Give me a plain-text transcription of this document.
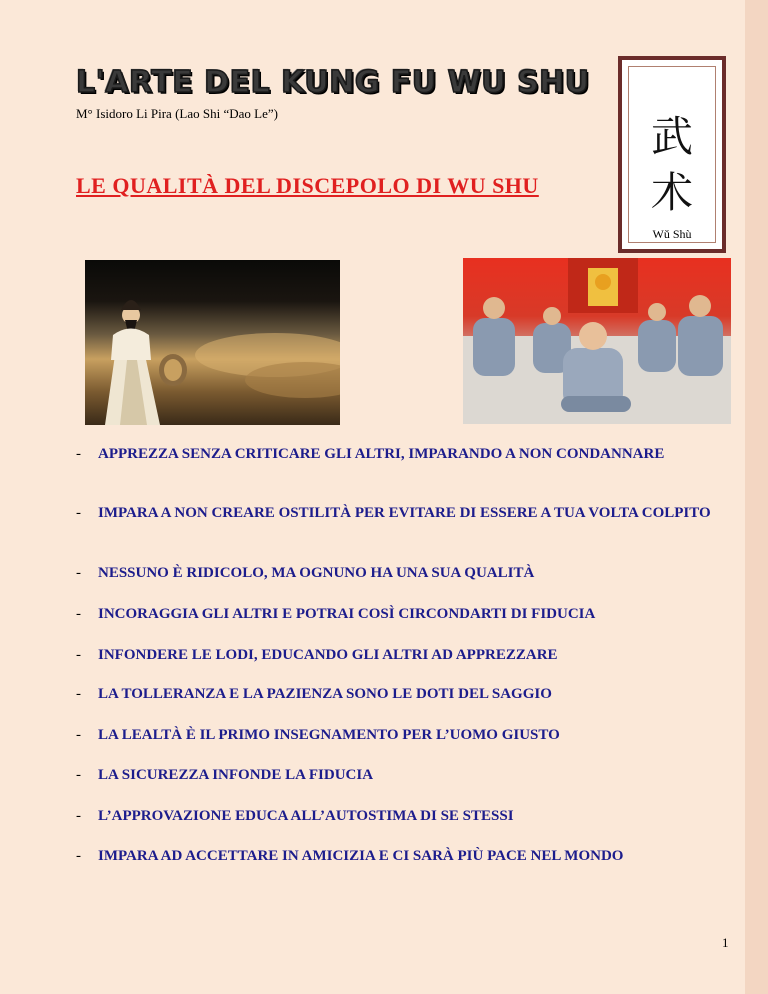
L'ARTE DEL KUNG FU WU SHU
M° Isidoro Li Pira (Lao Shi “Dao Le”)
LE QUALITÀ DEL DISCEPOLO DI WU SHU
武
术
Wǔ Shù
- APPREZZA SENZA CRITICARE GLI ALTRI, IMPARANDO A NON CONDANNARE
- IMPARA A NON CREARE OSTILITÀ PER EVITARE DI ESSERE A TUA VOLTA COLPITO
- NESSUNO È RIDICOLO, MA OGNUNO HA UNA SUA QUALITÀ
- INCORAGGIA GLI ALTRI E POTRAI COSÌ CIRCONDARTI DI FIDUCIA
- INFONDERE LE LODI, EDUCANDO GLI ALTRI AD APPREZZARE
- LA TOLLERANZA E LA PAZIENZA SONO LE DOTI DEL SAGGIO
- LA LEALTÀ È IL PRIMO INSEGNAMENTO PER L’UOMO GIUSTO
- LA SICUREZZA INFONDE LA FIDUCIA
- L’APPROVAZIONE EDUCA ALL’AUTOSTIMA DI SE STESSI
- IMPARA AD ACCETTARE IN AMICIZIA E CI SARÀ PIÙ PACE NEL MONDO
1
